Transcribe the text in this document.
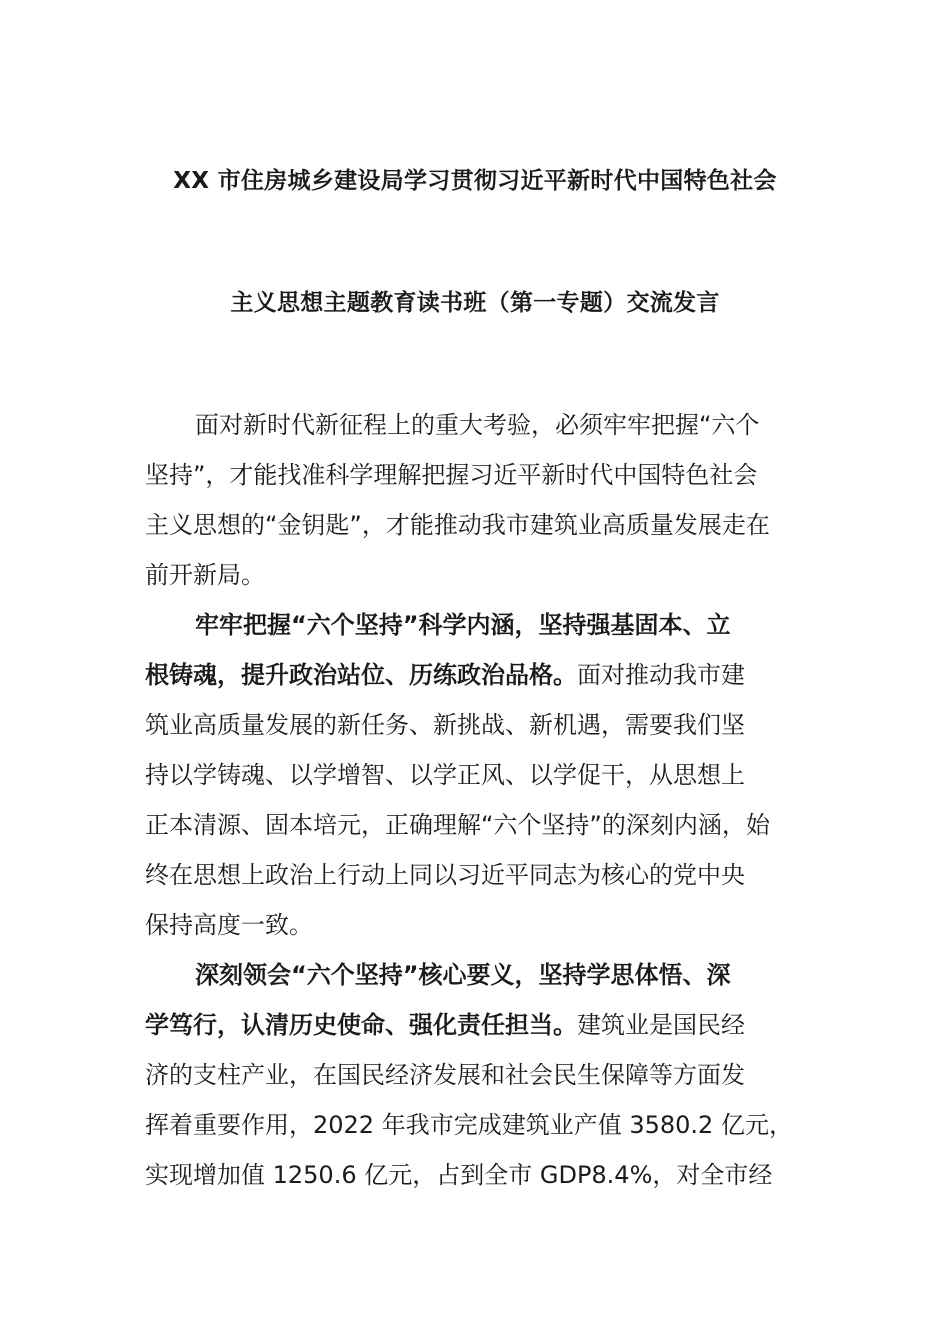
XX 市住房城乡建设局学习贯彻习近平新时代中国特色社会
主义思想主题教育读书班（第一专题）交流发言
面对新时代新征程上的重大考验，必须牢牢把握“六个
坚持”，才能找准科学理解把握习近平新时代中国特色社会
主义思想的“金钥匙”，才能推动我市建筑业高质量发展走在
前开新局。
牢牢把握“六个坚持”科学内涵，坚持强基固本、立
根铸魂，提升政治站位、历练政治品格。面对推动我市建
筑业高质量发展的新任务、新挑战、新机遇，需要我们坚
持以学铸魂、以学增智、以学正风、以学促干，从思想上
正本清源、固本培元，正确理解“六个坚持”的深刻内涵，始
终在思想上政治上行动上同以习近平同志为核心的党中央
保持高度一致。
深刻领会“六个坚持”核心要义，坚持学思体悟、深
学笃行，认清历史使命、强化责任担当。建筑业是国民经
济的支柱产业，在国民经济发展和社会民生保障等方面发
挥着重要作用，2022 年我市完成建筑业产值 3580.2 亿元，
实现增加值 1250.6 亿元，占到全市 GDP8.4%，对全市经
